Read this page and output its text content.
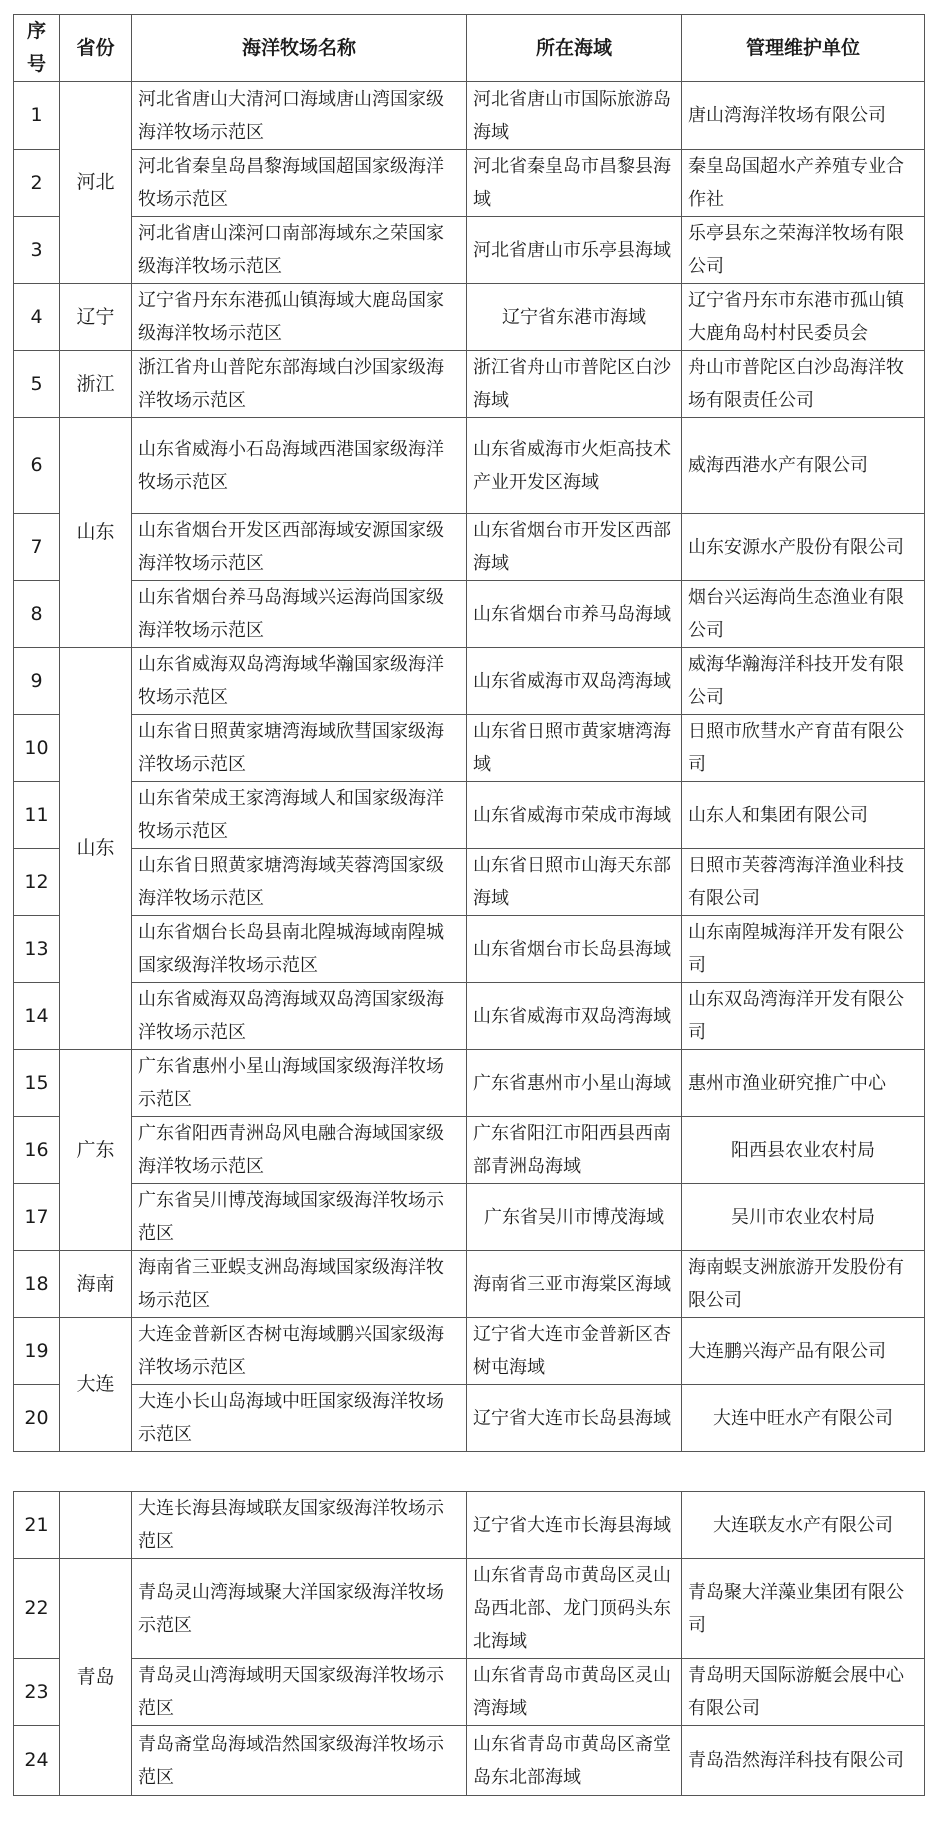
序号	省份	海洋牧场名称	所在海域	管理维护单位
1	河北	河北省唐山大清河口海域唐山湾国家级海洋牧场示范区	河北省唐山市国际旅游岛海域	唐山湾海洋牧场有限公司
2		河北省秦皇岛昌黎海域国超国家级海洋牧场示范区	河北省秦皇岛市昌黎县海域	秦皇岛国超水产养殖专业合作社
3		河北省唐山滦河口南部海域东之荣国家级海洋牧场示范区	河北省唐山市乐亭县海域	乐亭县东之荣海洋牧场有限公司
4	辽宁	辽宁省丹东东港孤山镇海域大鹿岛国家级海洋牧场示范区	辽宁省东港市海域	辽宁省丹东市东港市孤山镇大鹿角岛村村民委员会
5	浙江	浙江省舟山普陀东部海域白沙国家级海洋牧场示范区	浙江省舟山市普陀区白沙海域	舟山市普陀区白沙岛海洋牧场有限责任公司
6	山东	山东省威海小石岛海域西港国家级海洋牧场示范区	山东省威海市火炬高技术产业开发区海域	威海西港水产有限公司
7		山东省烟台开发区西部海域安源国家级海洋牧场示范区	山东省烟台市开发区西部海域	山东安源水产股份有限公司
8		山东省烟台养马岛海域兴运海尚国家级海洋牧场示范区	山东省烟台市养马岛海域	烟台兴运海尚生态渔业有限公司
9	山东	山东省威海双岛湾海域华瀚国家级海洋牧场示范区	山东省威海市双岛湾海域	威海华瀚海洋科技开发有限公司
10		山东省日照黄家塘湾海域欣彗国家级海洋牧场示范区	山东省日照市黄家塘湾海域	日照市欣彗水产育苗有限公司
11		山东省荣成王家湾海域人和国家级海洋牧场示范区	山东省威海市荣成市海域	山东人和集团有限公司
12		山东省日照黄家塘湾海域芙蓉湾国家级海洋牧场示范区	山东省日照市山海天东部海域	日照市芙蓉湾海洋渔业科技有限公司
13		山东省烟台长岛县南北隍城海域南隍城国家级海洋牧场示范区	山东省烟台市长岛县海域	山东南隍城海洋开发有限公司
14		山东省威海双岛湾海域双岛湾国家级海洋牧场示范区	山东省威海市双岛湾海域	山东双岛湾海洋开发有限公司
15	广东	广东省惠州小星山海域国家级海洋牧场示范区	广东省惠州市小星山海域	惠州市渔业研究推广中心
16		广东省阳西青洲岛风电融合海域国家级海洋牧场示范区	广东省阳江市阳西县西南部青洲岛海域	阳西县农业农村局
17		广东省吴川博茂海域国家级海洋牧场示范区	广东省吴川市博茂海域	吴川市农业农村局
18	海南	海南省三亚蜈支洲岛海域国家级海洋牧场示范区	海南省三亚市海棠区海域	海南蜈支洲旅游开发股份有限公司
19	大连	大连金普新区杏树屯海域鹏兴国家级海洋牧场示范区	辽宁省大连市金普新区杏树屯海域	大连鹏兴海产品有限公司
20		大连小长山岛海域中旺国家级海洋牧场示范区	辽宁省大连市长岛县海域	大连中旺水产有限公司
21		大连长海县海域联友国家级海洋牧场示范区	辽宁省大连市长海县海域	大连联友水产有限公司
22	青岛	青岛灵山湾海域聚大洋国家级海洋牧场示范区	山东省青岛市黄岛区灵山岛西北部、龙门顶码头东北海域	青岛聚大洋藻业集团有限公司
23		青岛灵山湾海域明天国家级海洋牧场示范区	山东省青岛市黄岛区灵山湾海域	青岛明天国际游艇会展中心有限公司
24		青岛斋堂岛海域浩然国家级海洋牧场示范区	山东省青岛市黄岛区斋堂岛东北部海域	青岛浩然海洋科技有限公司
